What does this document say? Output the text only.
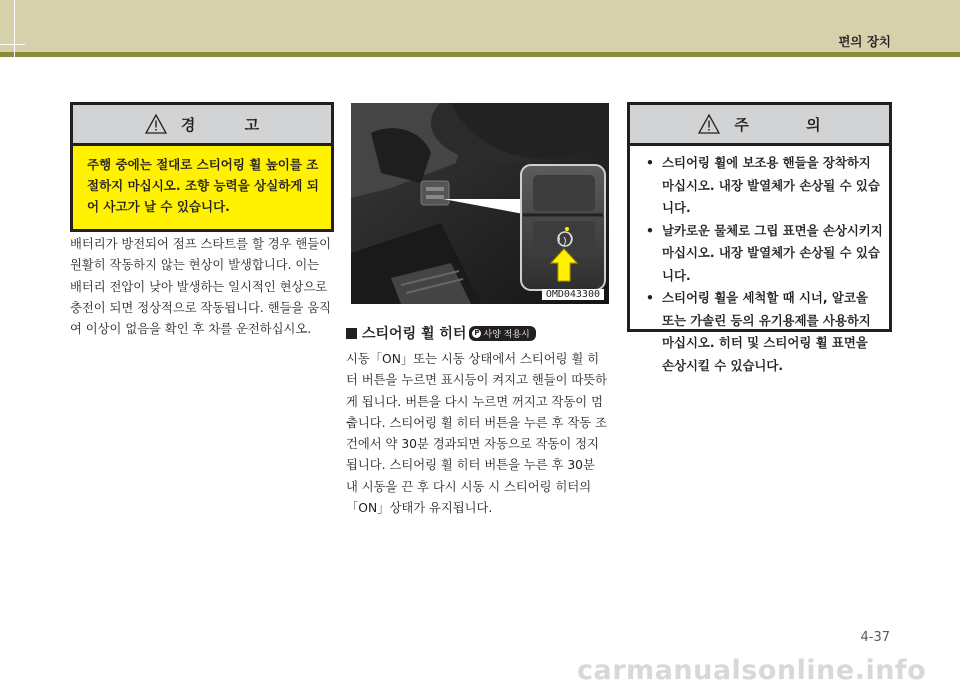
편의 장치
경 고
주행 중에는 절대로 스티어링 휠 높이를 조절하지 마십시오. 조향 능력을 상실하게 되어 사고가 날 수 있습니다.
배터리가 방전되어 점프 스타트를 할 경우 핸들이 원활히 작동하지 않는 현상이 발생합니다. 이는 배터리 전압이 낮아 발생하는 일시적인 현상으로 충전이 되면 정상적으로 작동됩니다. 핸들을 움직여 이상이 없음을 확인 후 차를 운전하십시오.
OMD043300
스티어링 휠 히터 P 사양 적용시
시동「ON」또는 시동 상태에서 스티어링 휠 히터 버튼을 누르면 표시등이 켜지고 핸들이 따뜻하게 됩니다. 버튼을 다시 누르면 꺼지고 작동이 멈춥니다. 스티어링 휠 히터 버튼을 누른 후 작동 조건에서 약 30분 경과되면 자동으로 작동이 정지됩니다. 스티어링 휠 히터 버튼을 누른 후 30분 내 시동을 끈 후 다시 시동 시 스티어링 히터의「ON」상태가 유지됩니다.
주 의
• 스티어링 휠에 보조용 핸들을 장착하지 마십시오. 내장 발열체가 손상될 수 있습니다.
• 날카로운 물체로 그립 표면을 손상시키지 마십시오. 내장 발열체가 손상될 수 있습니다.
• 스티어링 휠을 세척할 때 시너, 알코올 또는 가솔린 등의 유기용제를 사용하지 마십시오. 히터 및 스티어링 휠 표면을 손상시킬 수 있습니다.
4-37
carmanualsonline.info
